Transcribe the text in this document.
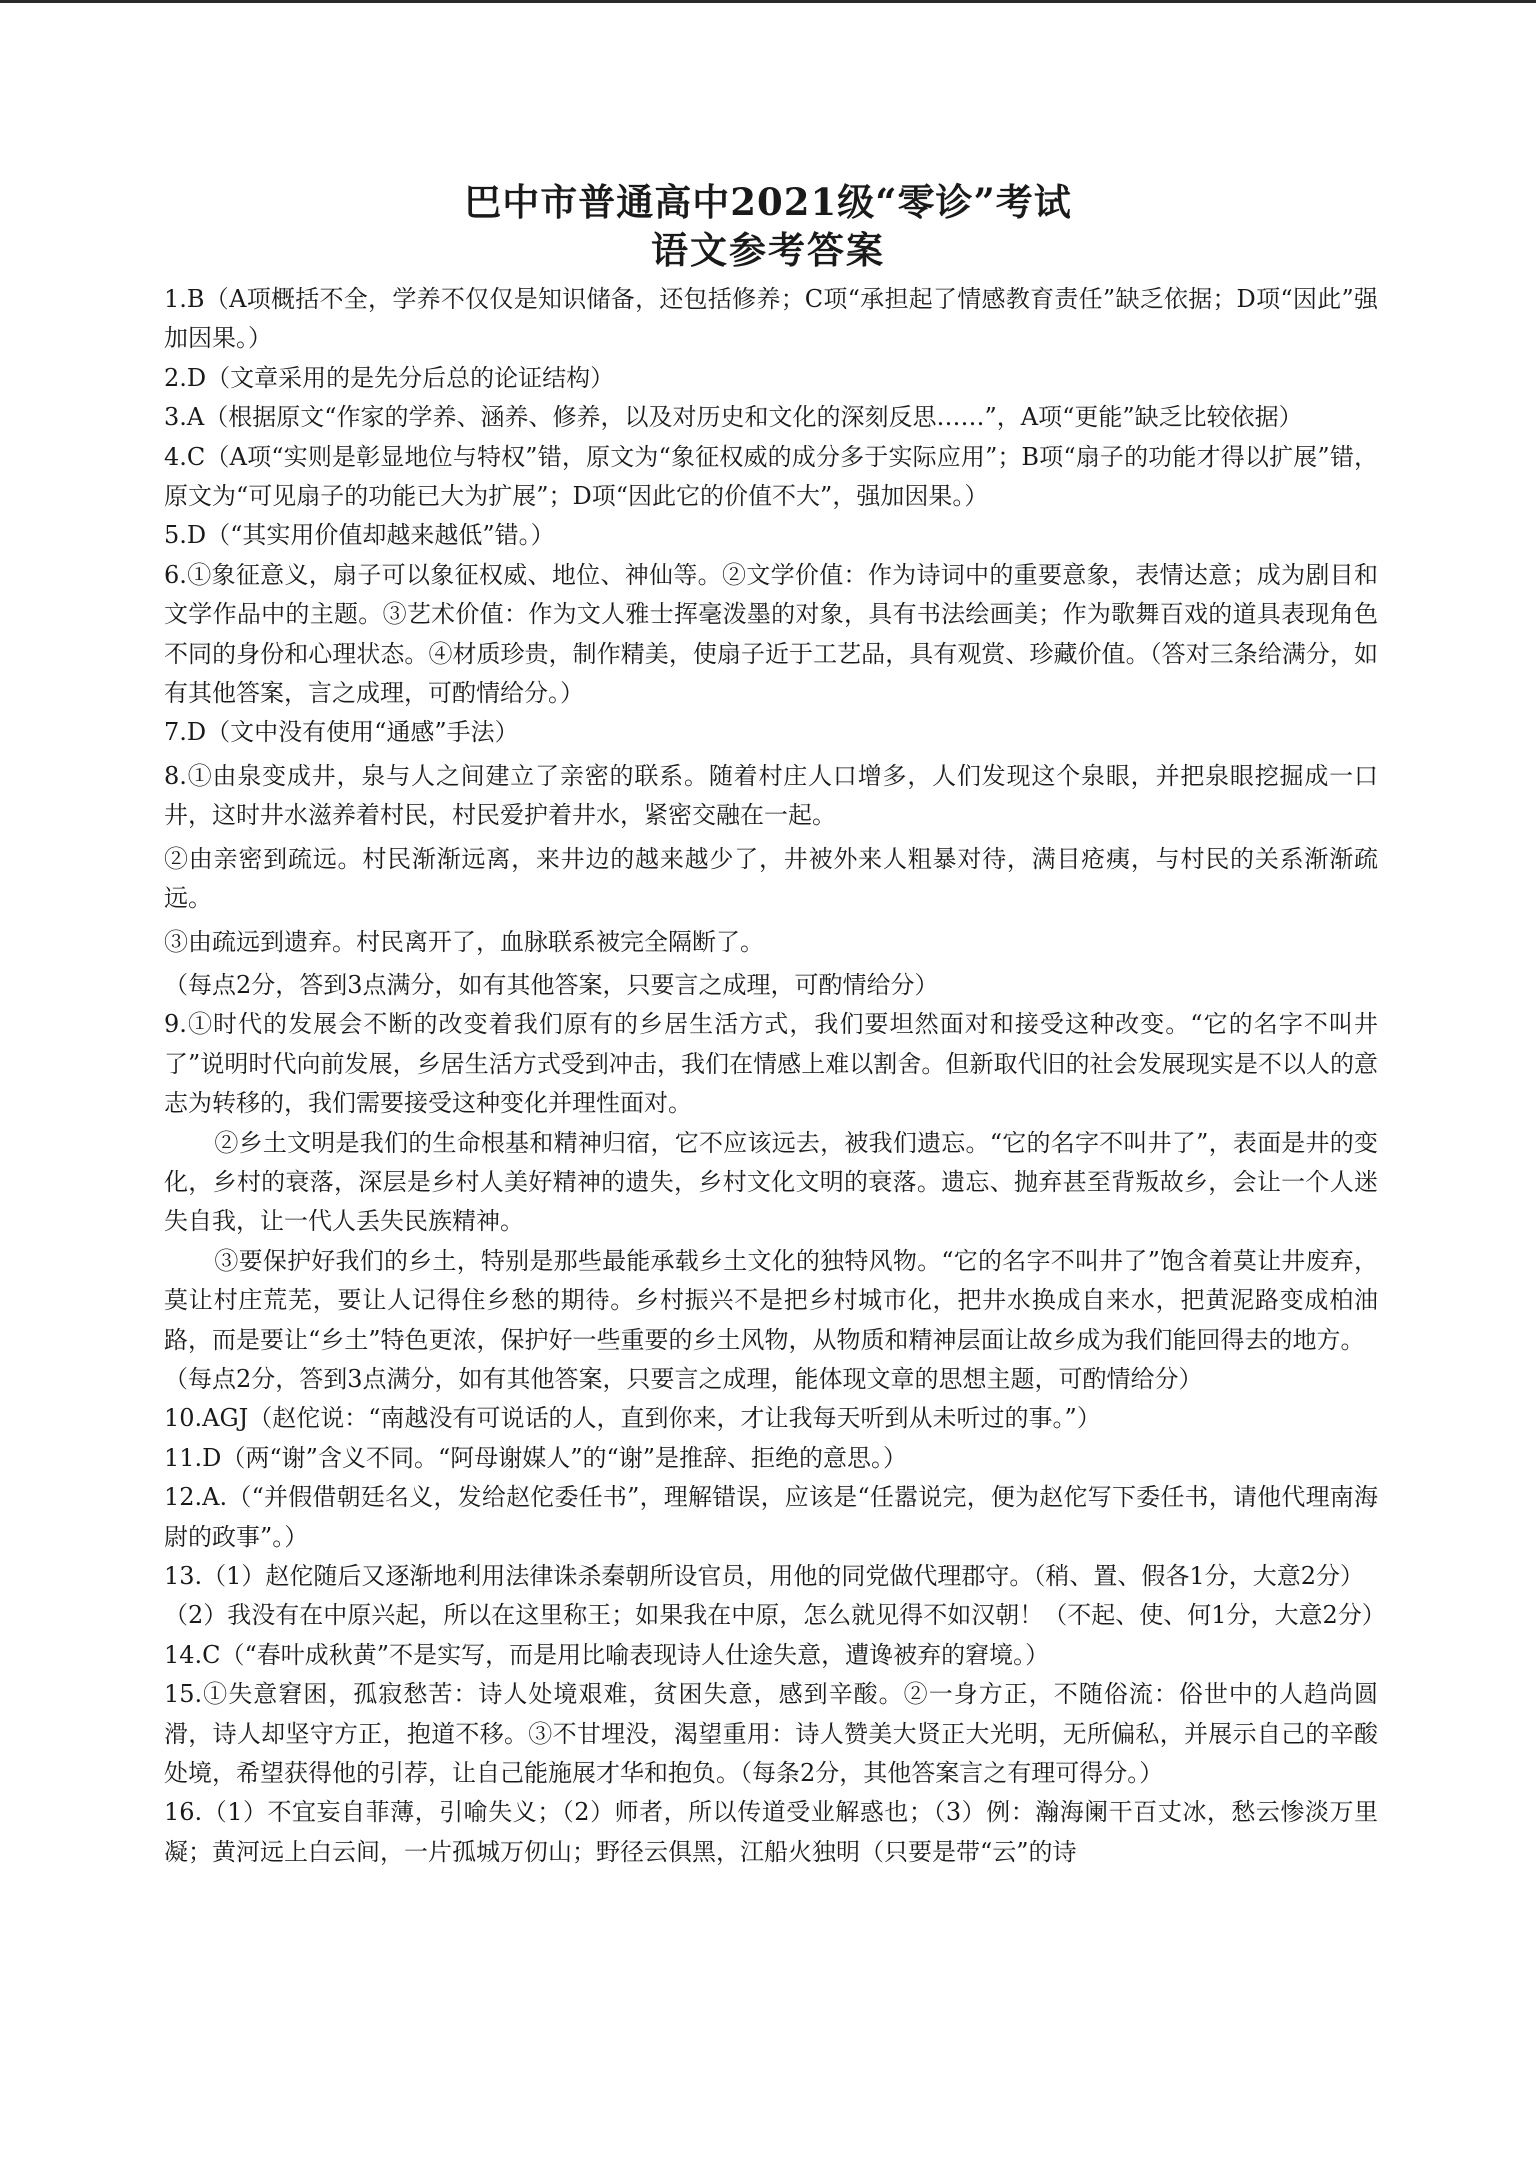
巴中市普通高中2021级“零诊”考试

语文参考答案

1.B（A项概括不全，学养不仅仅是知识储备，还包括修养；C项“承担起了情感教育责任”缺乏依据；D项“因此”强加因果。）

2.D（文章采用的是先分后总的论证结构）

3.A（根据原文“作家的学养、涵养、修养，以及对历史和文化的深刻反思……”，A项“更能”缺乏比较依据）

4.C（A项“实则是彰显地位与特权”错，原文为“象征权威的成分多于实际应用”；B项“扇子的功能才得以扩展”错，原文为“可见扇子的功能已大为扩展”；D项“因此它的价值不大”，强加因果。）

5.D（“其实用价值却越来越低”错。）

6.①象征意义，扇子可以象征权威、地位、神仙等。②文学价值：作为诗词中的重要意象，表情达意；成为剧目和文学作品中的主题。③艺术价值：作为文人雅士挥毫泼墨的对象，具有书法绘画美；作为歌舞百戏的道具表现角色不同的身份和心理状态。④材质珍贵，制作精美，使扇子近于工艺品，具有观赏、珍藏价值。（答对三条给满分，如有其他答案，言之成理，可酌情给分。）

7.D（文中没有使用“通感”手法）

8.①由泉变成井，泉与人之间建立了亲密的联系。随着村庄人口增多，人们发现这个泉眼，并把泉眼挖掘成一口井，这时井水滋养着村民，村民爱护着井水，紧密交融在一起。

②由亲密到疏远。村民渐渐远离，来井边的越来越少了，井被外来人粗暴对待，满目疮痍，与村民的关系渐渐疏远。

③由疏远到遗弃。村民离开了，血脉联系被完全隔断了。

（每点2分，答到3点满分，如有其他答案，只要言之成理，可酌情给分）

9.①时代的发展会不断的改变着我们原有的乡居生活方式，我们要坦然面对和接受这种改变。“它的名字不叫井了”说明时代向前发展，乡居生活方式受到冲击，我们在情感上难以割舍。但新取代旧的社会发展现实是不以人的意志为转移的，我们需要接受这种变化并理性面对。

②乡土文明是我们的生命根基和精神归宿，它不应该远去，被我们遗忘。“它的名字不叫井了”，表面是井的变化，乡村的衰落，深层是乡村人美好精神的遗失，乡村文化文明的衰落。遗忘、抛弃甚至背叛故乡，会让一个人迷失自我，让一代人丢失民族精神。

③要保护好我们的乡土，特别是那些最能承载乡土文化的独特风物。“它的名字不叫井了”饱含着莫让井废弃，莫让村庄荒芜，要让人记得住乡愁的期待。乡村振兴不是把乡村城市化，把井水换成自来水，把黄泥路变成柏油路，而是要让“乡土”特色更浓，保护好一些重要的乡土风物，从物质和精神层面让故乡成为我们能回得去的地方。

（每点2分，答到3点满分，如有其他答案，只要言之成理，能体现文章的思想主题，可酌情给分）

10.AGJ（赵佗说：“南越没有可说话的人，直到你来，才让我每天听到从未听过的事。”）

11.D（两“谢”含义不同。“阿母谢媒人”的“谢”是推辞、拒绝的意思。）

12.A.（“并假借朝廷名义，发给赵佗委任书”，理解错误，应该是“任嚣说完，便为赵佗写下委任书，请他代理南海尉的政事”。）

13.（1）赵佗随后又逐渐地利用法律诛杀秦朝所设官员，用他的同党做代理郡守。（稍、置、假各1分，大意2分）

（2）我没有在中原兴起，所以在这里称王；如果我在中原，怎么就见得不如汉朝！（不起、使、何1分，大意2分）

14.C（“春叶成秋黄”不是实写，而是用比喻表现诗人仕途失意，遭谗被弃的窘境。）

15.①失意窘困，孤寂愁苦：诗人处境艰难，贫困失意，感到辛酸。②一身方正，不随俗流：俗世中的人趋尚圆滑，诗人却坚守方正，抱道不移。③不甘埋没，渴望重用：诗人赞美大贤正大光明，无所偏私，并展示自己的辛酸处境，希望获得他的引荐，让自己能施展才华和抱负。（每条2分，其他答案言之有理可得分。）

16.（1）不宜妄自菲薄，引喻失义；（2）师者，所以传道受业解惑也；（3）例：瀚海阑干百丈冰，愁云惨淡万里凝；黄河远上白云间，一片孤城万仞山；野径云俱黑，江船火独明（只要是带“云”的诗
